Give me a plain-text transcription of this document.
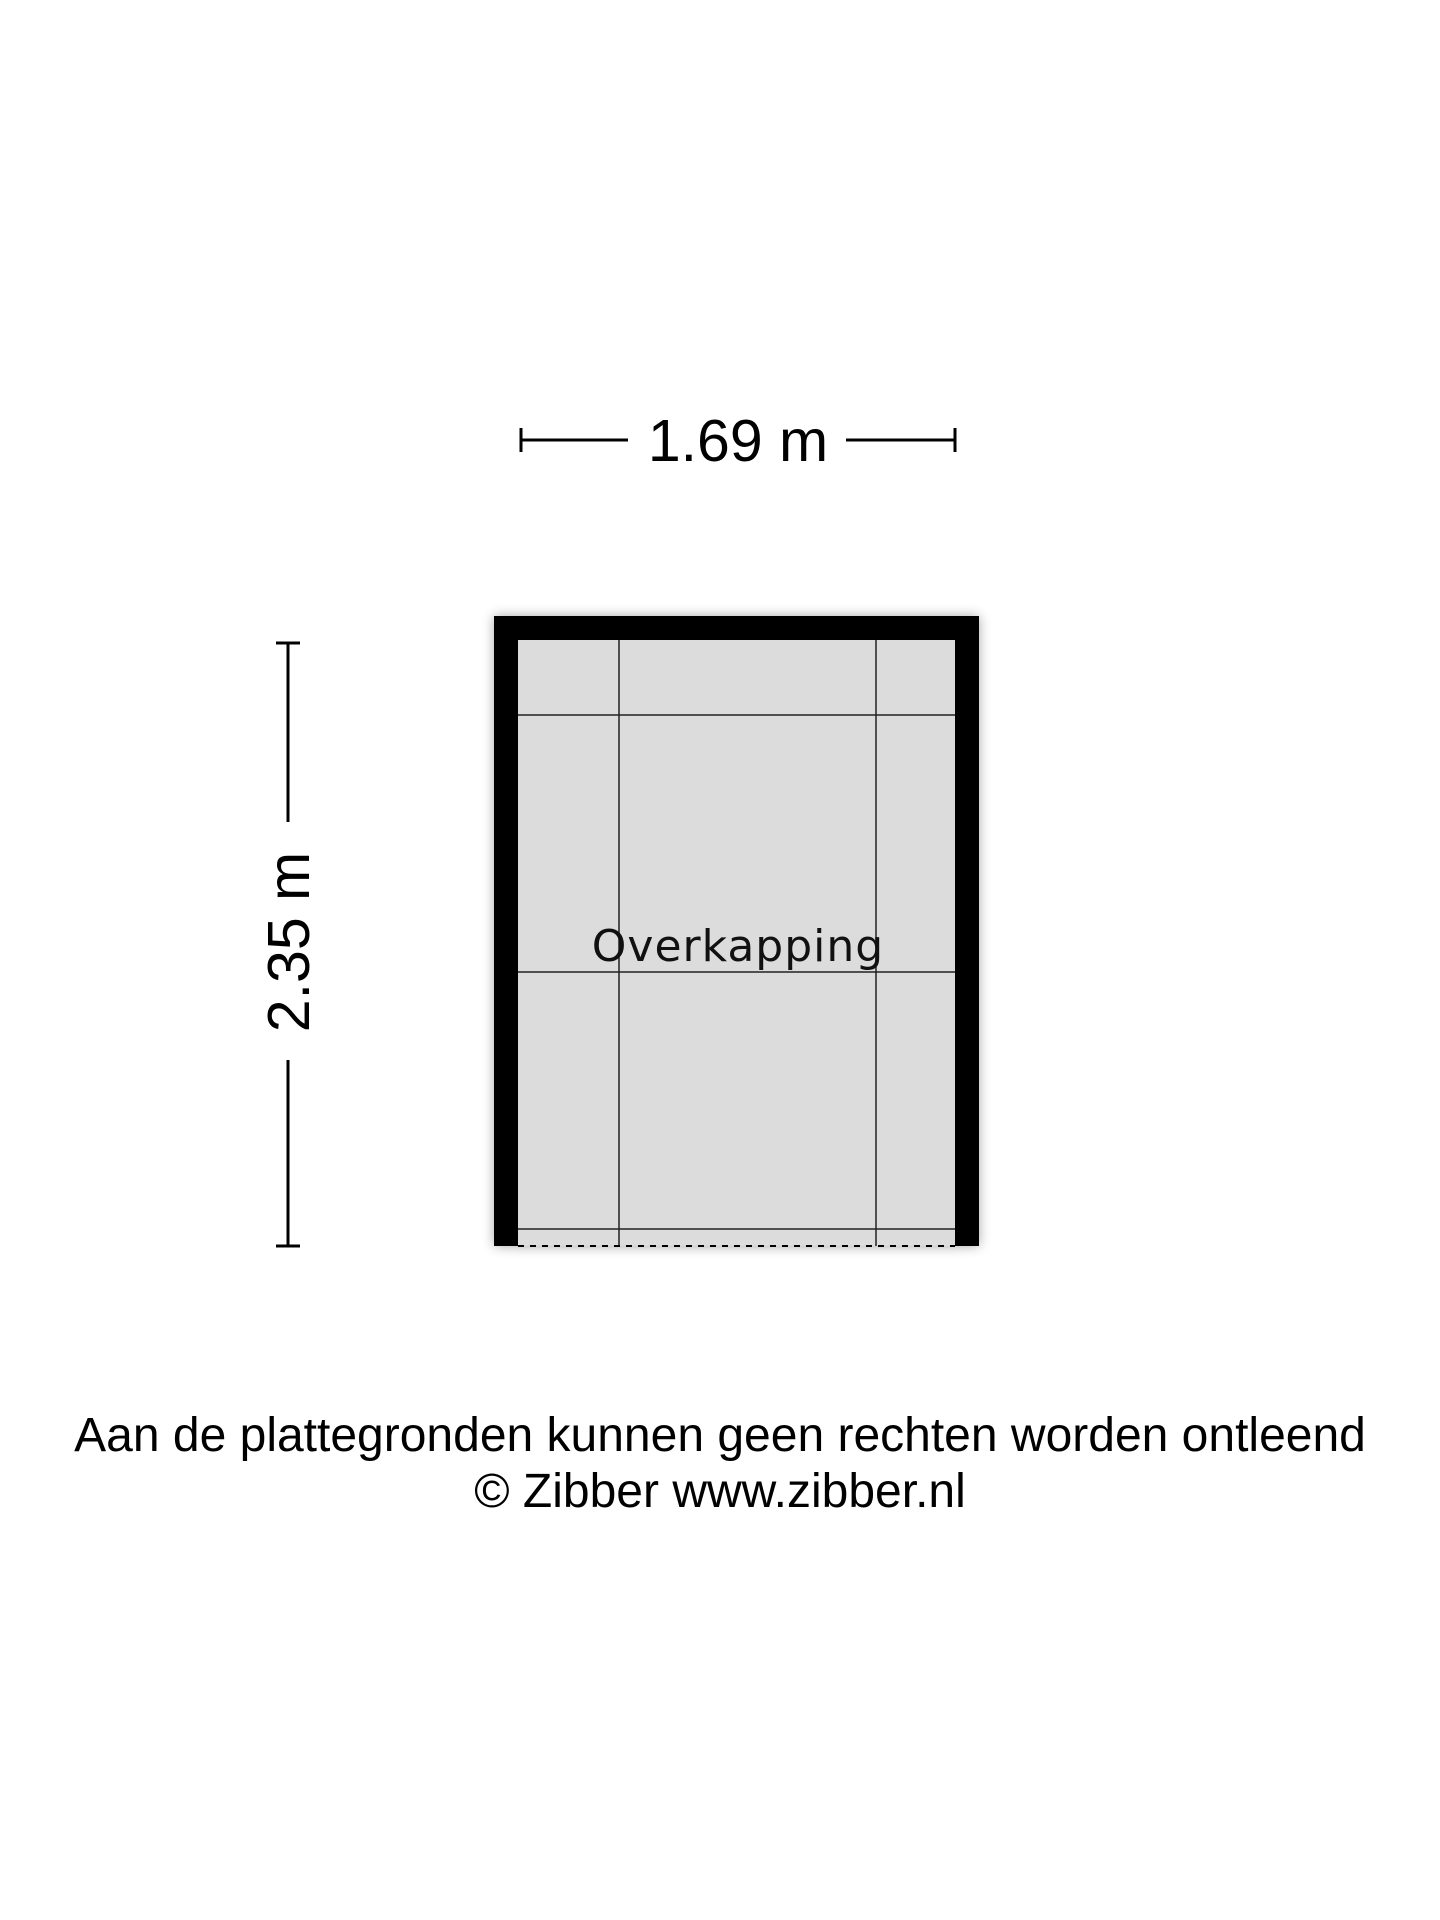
1.69 m
2.35 m	Overkapping
Aan de plattegronden kunnen geen rechten worden ontleend
© Zibber www.zibber.nl
